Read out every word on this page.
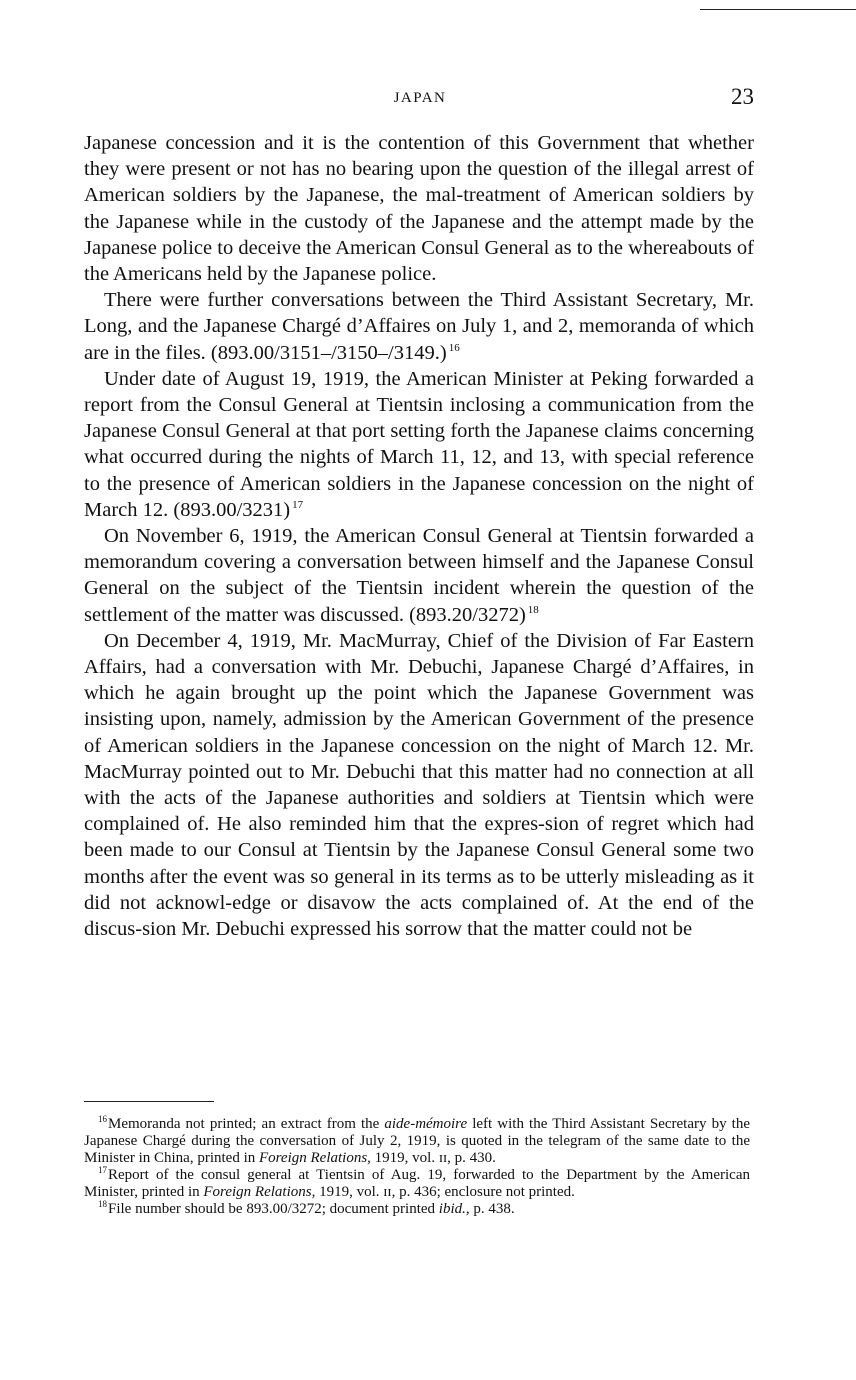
JAPAN	23

Japanese concession and it is the contention of this Government that whether they were present or not has no bearing upon the question of the illegal arrest of American soldiers by the Japanese, the mal-treatment of American soldiers by the Japanese while in the custody of the Japanese and the attempt made by the Japanese police to deceive the American Consul General as to the whereabouts of the Americans held by the Japanese police.

There were further conversations between the Third Assistant Secretary, Mr. Long, and the Japanese Chargé d’Affaires on July 1, and 2, memoranda of which are in the files. (893.00/3151–/3150–/3149.) $^{16}$

Under date of August 19, 1919, the American Minister at Peking forwarded a report from the Consul General at Tientsin inclosing a communication from the Japanese Consul General at that port setting forth the Japanese claims concerning what occurred during the nights of March 11, 12, and 13, with special reference to the presence of American soldiers in the Japanese concession on the night of March 12. (893.00/3231) $^{17}$

On November 6, 1919, the American Consul General at Tientsin forwarded a memorandum covering a conversation between himself and the Japanese Consul General on the subject of the Tientsin incident wherein the question of the settlement of the matter was discussed. (893.20/3272) $^{18}$

On December 4, 1919, Mr. MacMurray, Chief of the Division of Far Eastern Affairs, had a conversation with Mr. Debuchi, Japanese Chargé d’Affaires, in which he again brought up the point which the Japanese Government was insisting upon, namely, admission by the American Government of the presence of American soldiers in the Japanese concession on the night of March 12. Mr. MacMurray pointed out to Mr. Debuchi that this matter had no connection at all with the acts of the Japanese authorities and soldiers at Tientsin which were complained of. He also reminded him that the expres-sion of regret which had been made to our Consul at Tientsin by the Japanese Consul General some two months after the event was so general in its terms as to be utterly misleading as it did not acknowl-edge or disavow the acts complained of. At the end of the discus-sion Mr. Debuchi expressed his sorrow that the matter could not be

$^{16}$Memoranda not printed; an extract from the aide-mémoire left with the Third Assistant Secretary by the Japanese Chargé during the conversation of July 2, 1919, is quoted in the telegram of the same date to the Minister in China, printed in Foreign Relations, 1919, vol. ɪɪ, p. 430.

$^{17}$Report of the consul general at Tientsin of Aug. 19, forwarded to the Department by the American Minister, printed in Foreign Relations, 1919, vol. ɪɪ, p. 436; enclosure not printed.

$^{18}$File number should be 893.00/3272; document printed ibid., p. 438.
